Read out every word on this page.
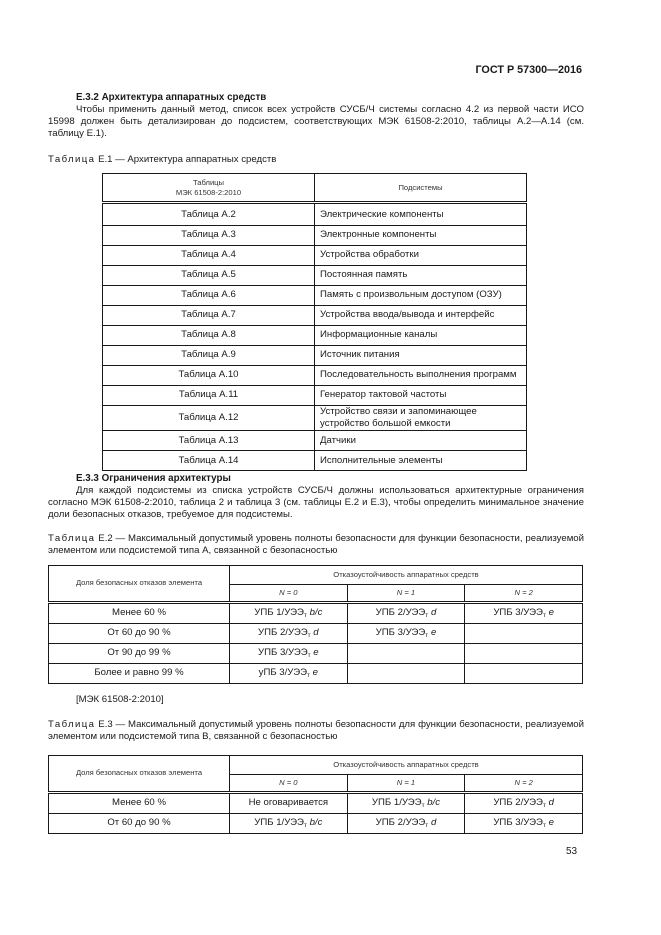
ГОСТ Р 57300—2016
Е.3.2 Архитектура аппаратных средств
Чтобы применить данный метод, список всех устройств СУСБ/Ч системы согласно 4.2 из первой части ИСО 15998 должен быть детализирован до подсистем, соответствующих МЭК 61508-2:2010, таблицы А.2—А.14 (см. таблицу Е.1).
Таблица Е.1 — Архитектура аппаратных средств
Таблицы
МЭК 61508-2:2010	Подсистемы
Таблица А.2	Электрические компоненты
Таблица А.3	Электронные компоненты
Таблица А.4	Устройства обработки
Таблица А.5	Постоянная память
Таблица А.6	Память с произвольным доступом (ОЗУ)
Таблица А.7	Устройства ввода/вывода и интерфейс
Таблица А.8	Информационные каналы
Таблица А.9	Источник питания
Таблица А.10	Последовательность выполнения программ
Таблица А.11	Генератор тактовой частоты
Таблица А.12	Устройство связи и запоминающее устройство большой емкости
Таблица А.13	Датчики
Таблица А.14	Исполнительные элементы
Е.3.3 Ограничения архитектуры
Для каждой подсистемы из списка устройств СУСБ/Ч должны использоваться архитектурные ограничения согласно МЭК 61508-2:2010, таблица 2 и таблица 3 (см. таблицы Е.2 и Е.3), чтобы определить минимальное значение доли безопасных отказов, требуемое для подсистемы.
Таблица Е.2 — Максимальный допустимый уровень полноты безопасности для функции безопасности, реализуемой элементом или подсистемой типа А, связанной с безопасностью
Доля безопасных отказов элемента	Отказоустойчивость аппаратных средств		
	N = 0	N = 1	N = 2
Менее 60 %	УПБ $1/УЭЭ_т$ b/c	УПБ $2/УЭЭ_т$ d	УПБ $3/УЭЭ_т$ e
От 60 до 90 %	УПБ $2/УЭЭ_т$ d	УПБ $3/УЭЭ_т$ e	
От 90 до 99 %	УПБ $3/УЭЭ_т$ e		
Более и равно 99 %	уПБ $3/УЭЭ_т$ e		
[МЭК 61508-2:2010]
Таблица Е.3 — Максимальный допустимый уровень полноты безопасности для функции безопасности, реализуемой элементом или подсистемой типа В, связанной с безопасностью
Доля безопасных отказов элемента	Отказоустойчивость аппаратных средств		
	N = 0	N = 1	N = 2
Менее 60 %	Не оговаривается	УПБ $1/УЭЭ_т$ b/c	УПБ $2/УЭЭ_т$ d
От 60 до 90 %	УПБ $1/УЭЭ_т$ b/c	УПБ $2/УЭЭ_т$ d	УПБ $3/УЭЭ_т$ e
53
